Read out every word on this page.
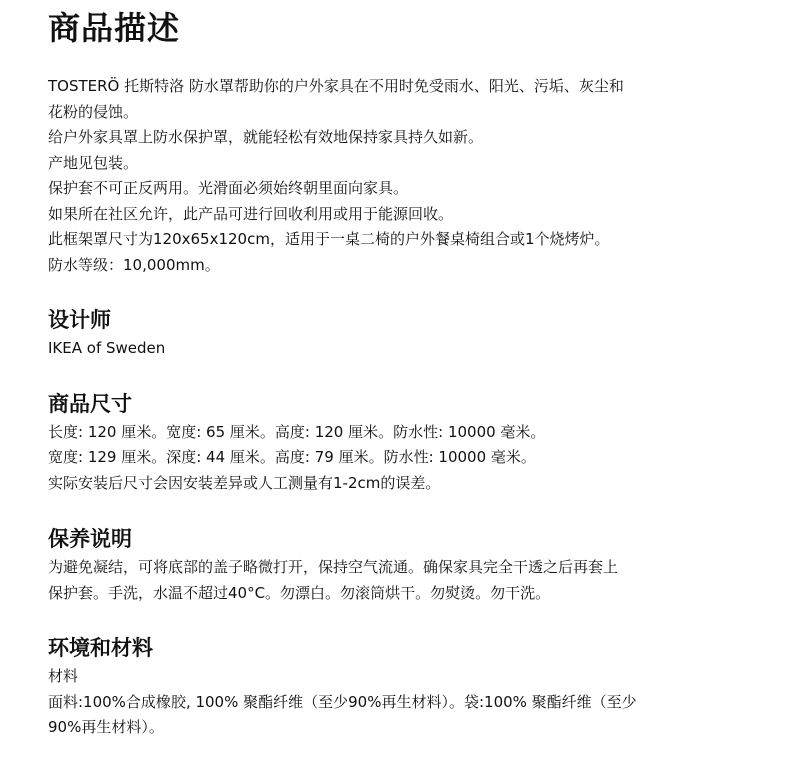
商品描述

TOSTERÖ 托斯特洛 防水罩帮助你的户外家具在不用时免受雨水、阳光、污垢、灰尘和

花粉的侵蚀。

给户外家具罩上防水保护罩，就能轻松有效地保持家具持久如新。

产地见包装。

保护套不可正反两用。光滑面必须始终朝里面向家具。

如果所在社区允许，此产品可进行回收利用或用于能源回收。

此框架罩尺寸为120x65x120cm，适用于一桌二椅的户外餐桌椅组合或1个烧烤炉。

防水等级：10,000mm。

设计师

IKEA of Sweden

商品尺寸

长度: 120 厘米。宽度: 65 厘米。高度: 120 厘米。防水性: 10000 毫米。

宽度: 129 厘米。深度: 44 厘米。高度: 79 厘米。防水性: 10000 毫米。

实际安装后尺寸会因安装差异或人工测量有1-2cm的误差。

保养说明

为避免凝结，可将底部的盖子略微打开，保持空气流通。确保家具完全干透之后再套上

保护套。手洗，水温不超过40°C。勿漂白。勿滚筒烘干。勿熨烫。勿干洗。

环境和材料

材料

面料:100%合成橡胶, 100% 聚酯纤维（至少90%再生材料）。袋:100% 聚酯纤维（至少

90%再生材料）。
